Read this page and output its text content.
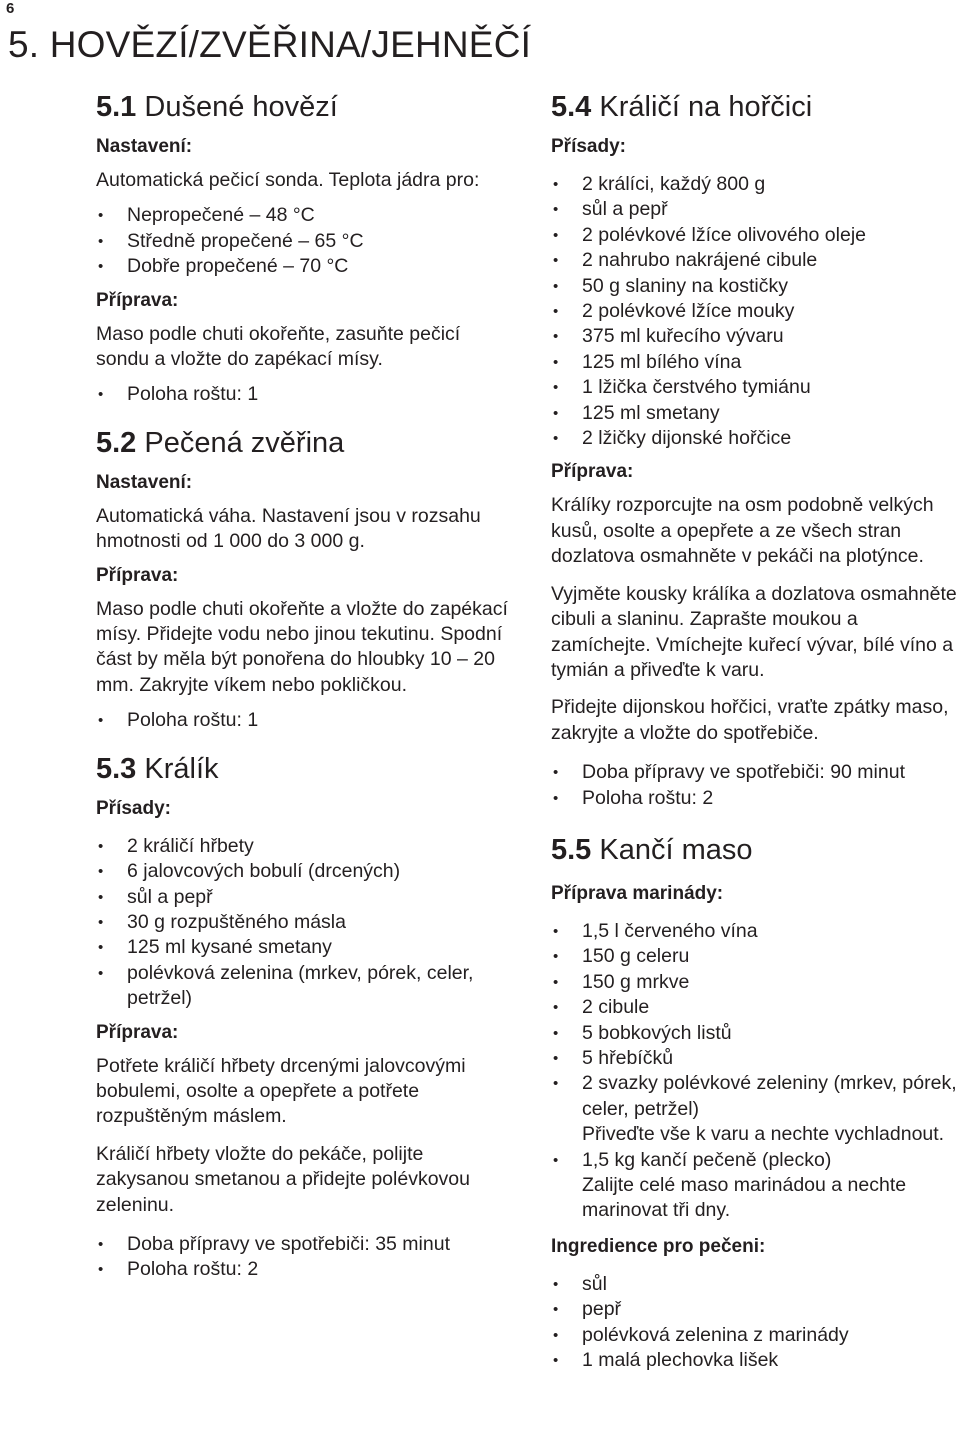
6
5. HOVĚZÍ/ZVĚŘINA/JEHNĚČÍ
5.1 Dušené hovězí
Nastavení:

Automatická pečicí sonda. Teplota jádra pro:

• Nepropečené – 48 °C
• Středně propečené – 65 °C
• Dobře propečené – 70 °C
Příprava:

Maso podle chuti okořeňte, zasuňte pečicí sondu a vložte do zapékací mísy.

• Poloha roštu: 1
5.2 Pečená zvěřina
Nastavení:

Automatická váha. Nastavení jsou v rozsahu hmotnosti od 1 000 do 3 000 g.

Příprava:

Maso podle chuti okořeňte a vložte do zapékací mísy. Přidejte vodu nebo jinou tekutinu. Spodní část by měla být ponořena do hloubky 10 – 20 mm. Zakryjte víkem nebo pokličkou.

• Poloha roštu: 1
5.3 Králík
Přísady:
• 2 králičí hřbety
• 6 jalovcových bobulí (drcených)
• sůl a pepř
• 30 g rozpuštěného másla
• 125 ml kysané smetany
• polévková zelenina (mrkev, pórek, celer, petržel)
Příprava:

Potřete králičí hřbety drcenými jalovcovými bobulemi, osolte a opepřete a potřete rozpuštěným máslem.

Králičí hřbety vložte do pekáče, polijte zakysanou smetanou a přidejte polévkovou zeleninu.

• Doba přípravy ve spotřebiči: 35 minut
• Poloha roštu: 2
5.4 Králičí na hořčici
Přísady:
• 2 králíci, každý 800 g
• sůl a pepř
• 2 polévkové lžíce olivového oleje
• 2 nahrubo nakrájené cibule
• 50 g slaniny na kostičky
• 2 polévkové lžíce mouky
• 375 ml kuřecího vývaru
• 125 ml bílého vína
• 1 lžička čerstvého tymiánu
• 125 ml smetany
• 2 lžičky dijonské hořčice
Příprava:

Králíky rozporcujte na osm podobně velkých kusů, osolte a opepřete a ze všech stran dozlatova osmahněte v pekáči na plotýnce.

Vyjměte kousky králíka a dozlatova osmahněte cibuli a slaninu. Zaprašte moukou a zamíchejte. Vmíchejte kuřecí vývar, bílé víno a tymián a přiveďte k varu.

Přidejte dijonskou hořčici, vraťte zpátky maso, zakryjte a vložte do spotřebiče.

• Doba přípravy ve spotřebiči: 90 minut
• Poloha roštu: 2
5.5 Kančí maso
Příprava marinády:
• 1,5 l červeného vína
• 150 g celeru
• 150 g mrkve
• 2 cibule
• 5 bobkových listů
• 5 hřebíčků
• 2 svazky polévkové zeleniny (mrkev, pórek, celer, petržel)
Přiveďte vše k varu a nechte vychladnout.
• 1,5 kg kančí pečeně (plecko)
Zalijte celé maso marinádou a nechte marinovat tři dny.
Ingredience pro pečeni:
• sůl
• pepř
• polévková zelenina z marinády
• 1 malá plechovka lišek
